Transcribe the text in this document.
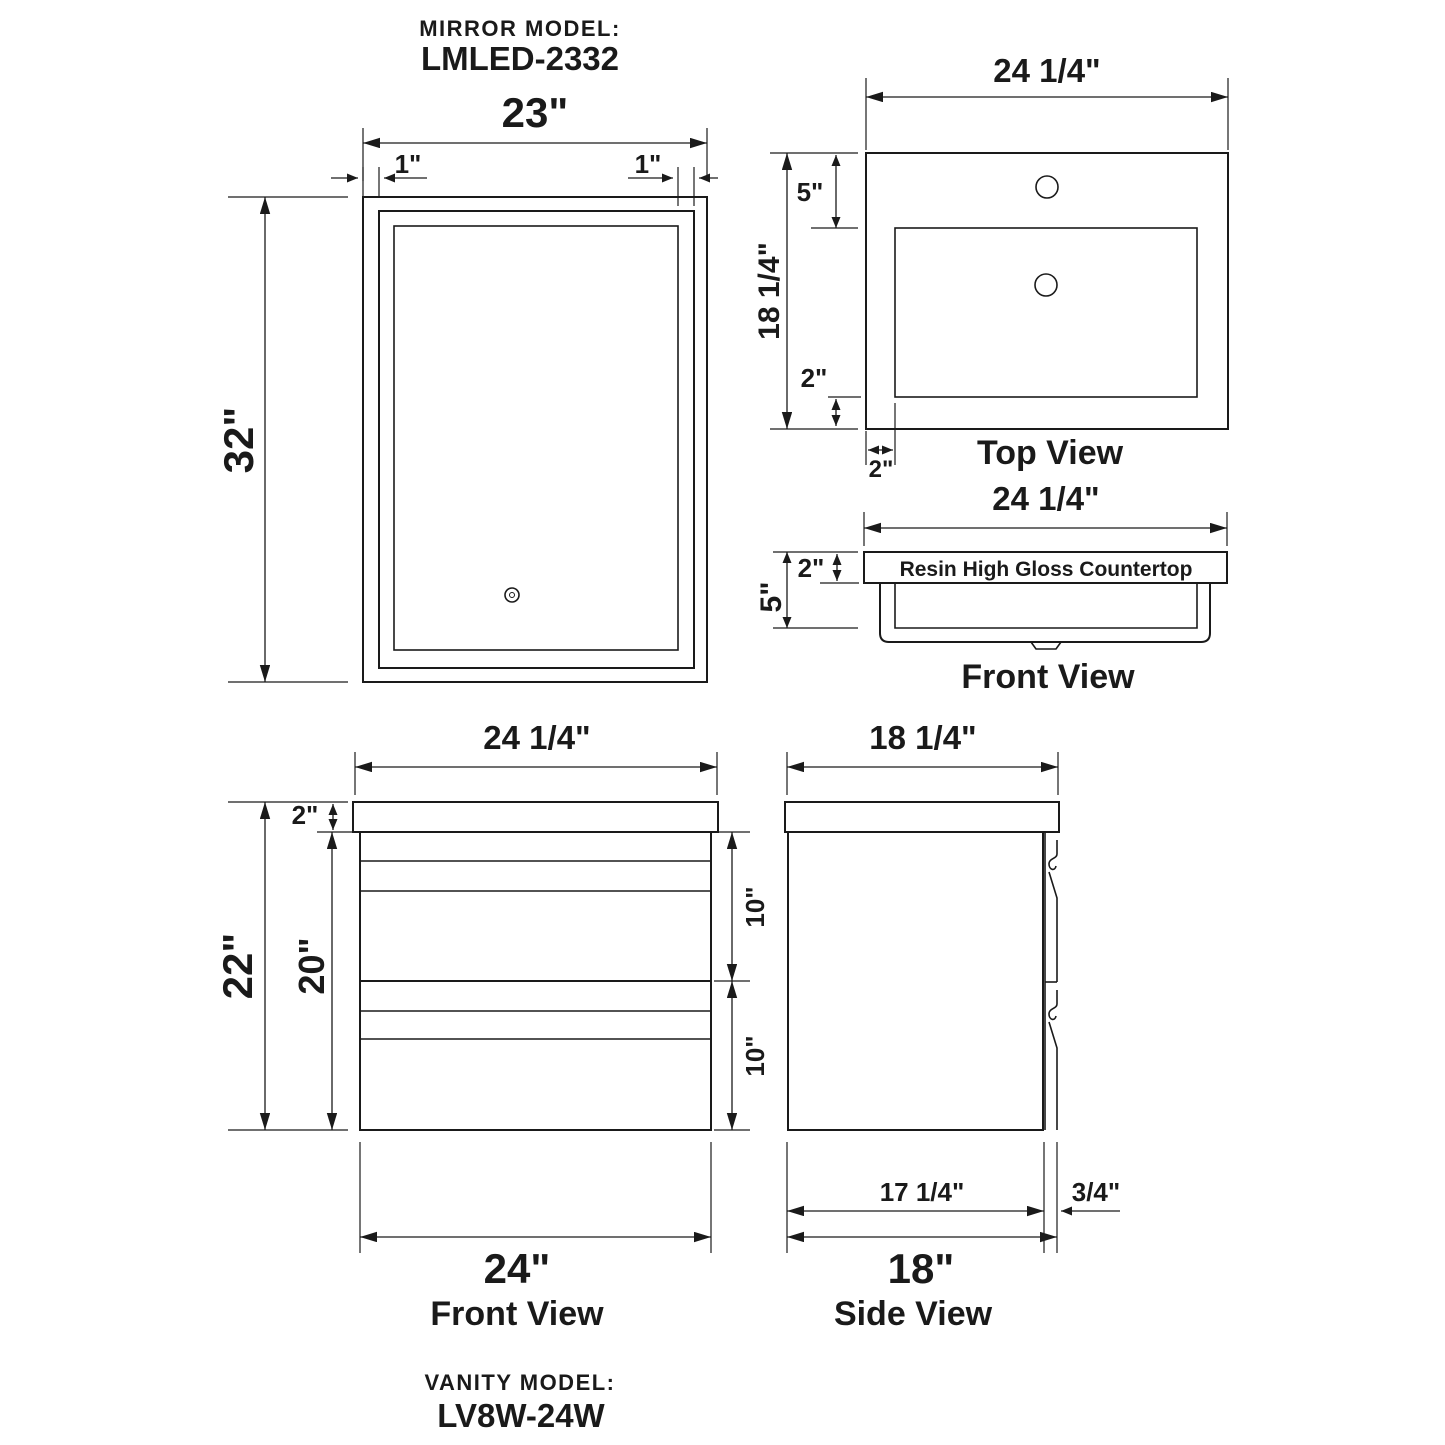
MIRROR MODEL:
LMLED-2332
23"
1"	1"
32"
24 1/4"
18 1/4"
5"
2"
2" Top View
24 1/4"
Resin High Gloss Countertop
2"
5"
Front View
24 1/4"
2"
22" 20"
10"
10"
24"
Front View
18 1/4"
17 1/4"	3/4"
18"
Side View
VANITY MODEL:
LV8W-24W
